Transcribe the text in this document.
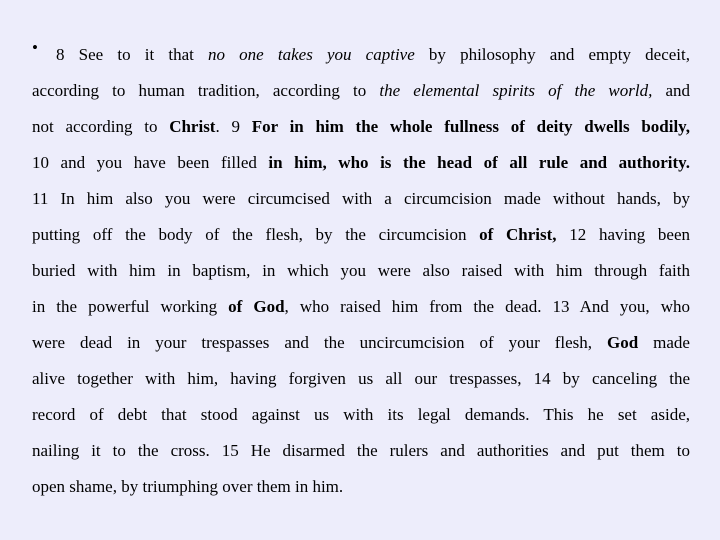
•	8 See to it that no one takes you captive by philosophy and empty deceit,
according to human tradition, according to the elemental spirits of the world, and
not according to Christ. 9 For in him the whole fullness of deity dwells bodily,
10 and you have been filled in him, who is the head of all rule and authority.
11 In him also you were circumcised with a circumcision made without hands, by
putting off the body of the flesh, by the circumcision of Christ, 12 having been
buried with him in baptism, in which you were also raised with him through faith
in the powerful working of God, who raised him from the dead. 13 And you, who
were dead in your trespasses and the uncircumcision of your flesh, God made
alive together with him, having forgiven us all our trespasses, 14 by canceling the
record of debt that stood against us with its legal demands. This he set aside,
nailing it to the cross. 15 He disarmed the rulers and authorities and put them to
open shame, by triumphing over them in him.
